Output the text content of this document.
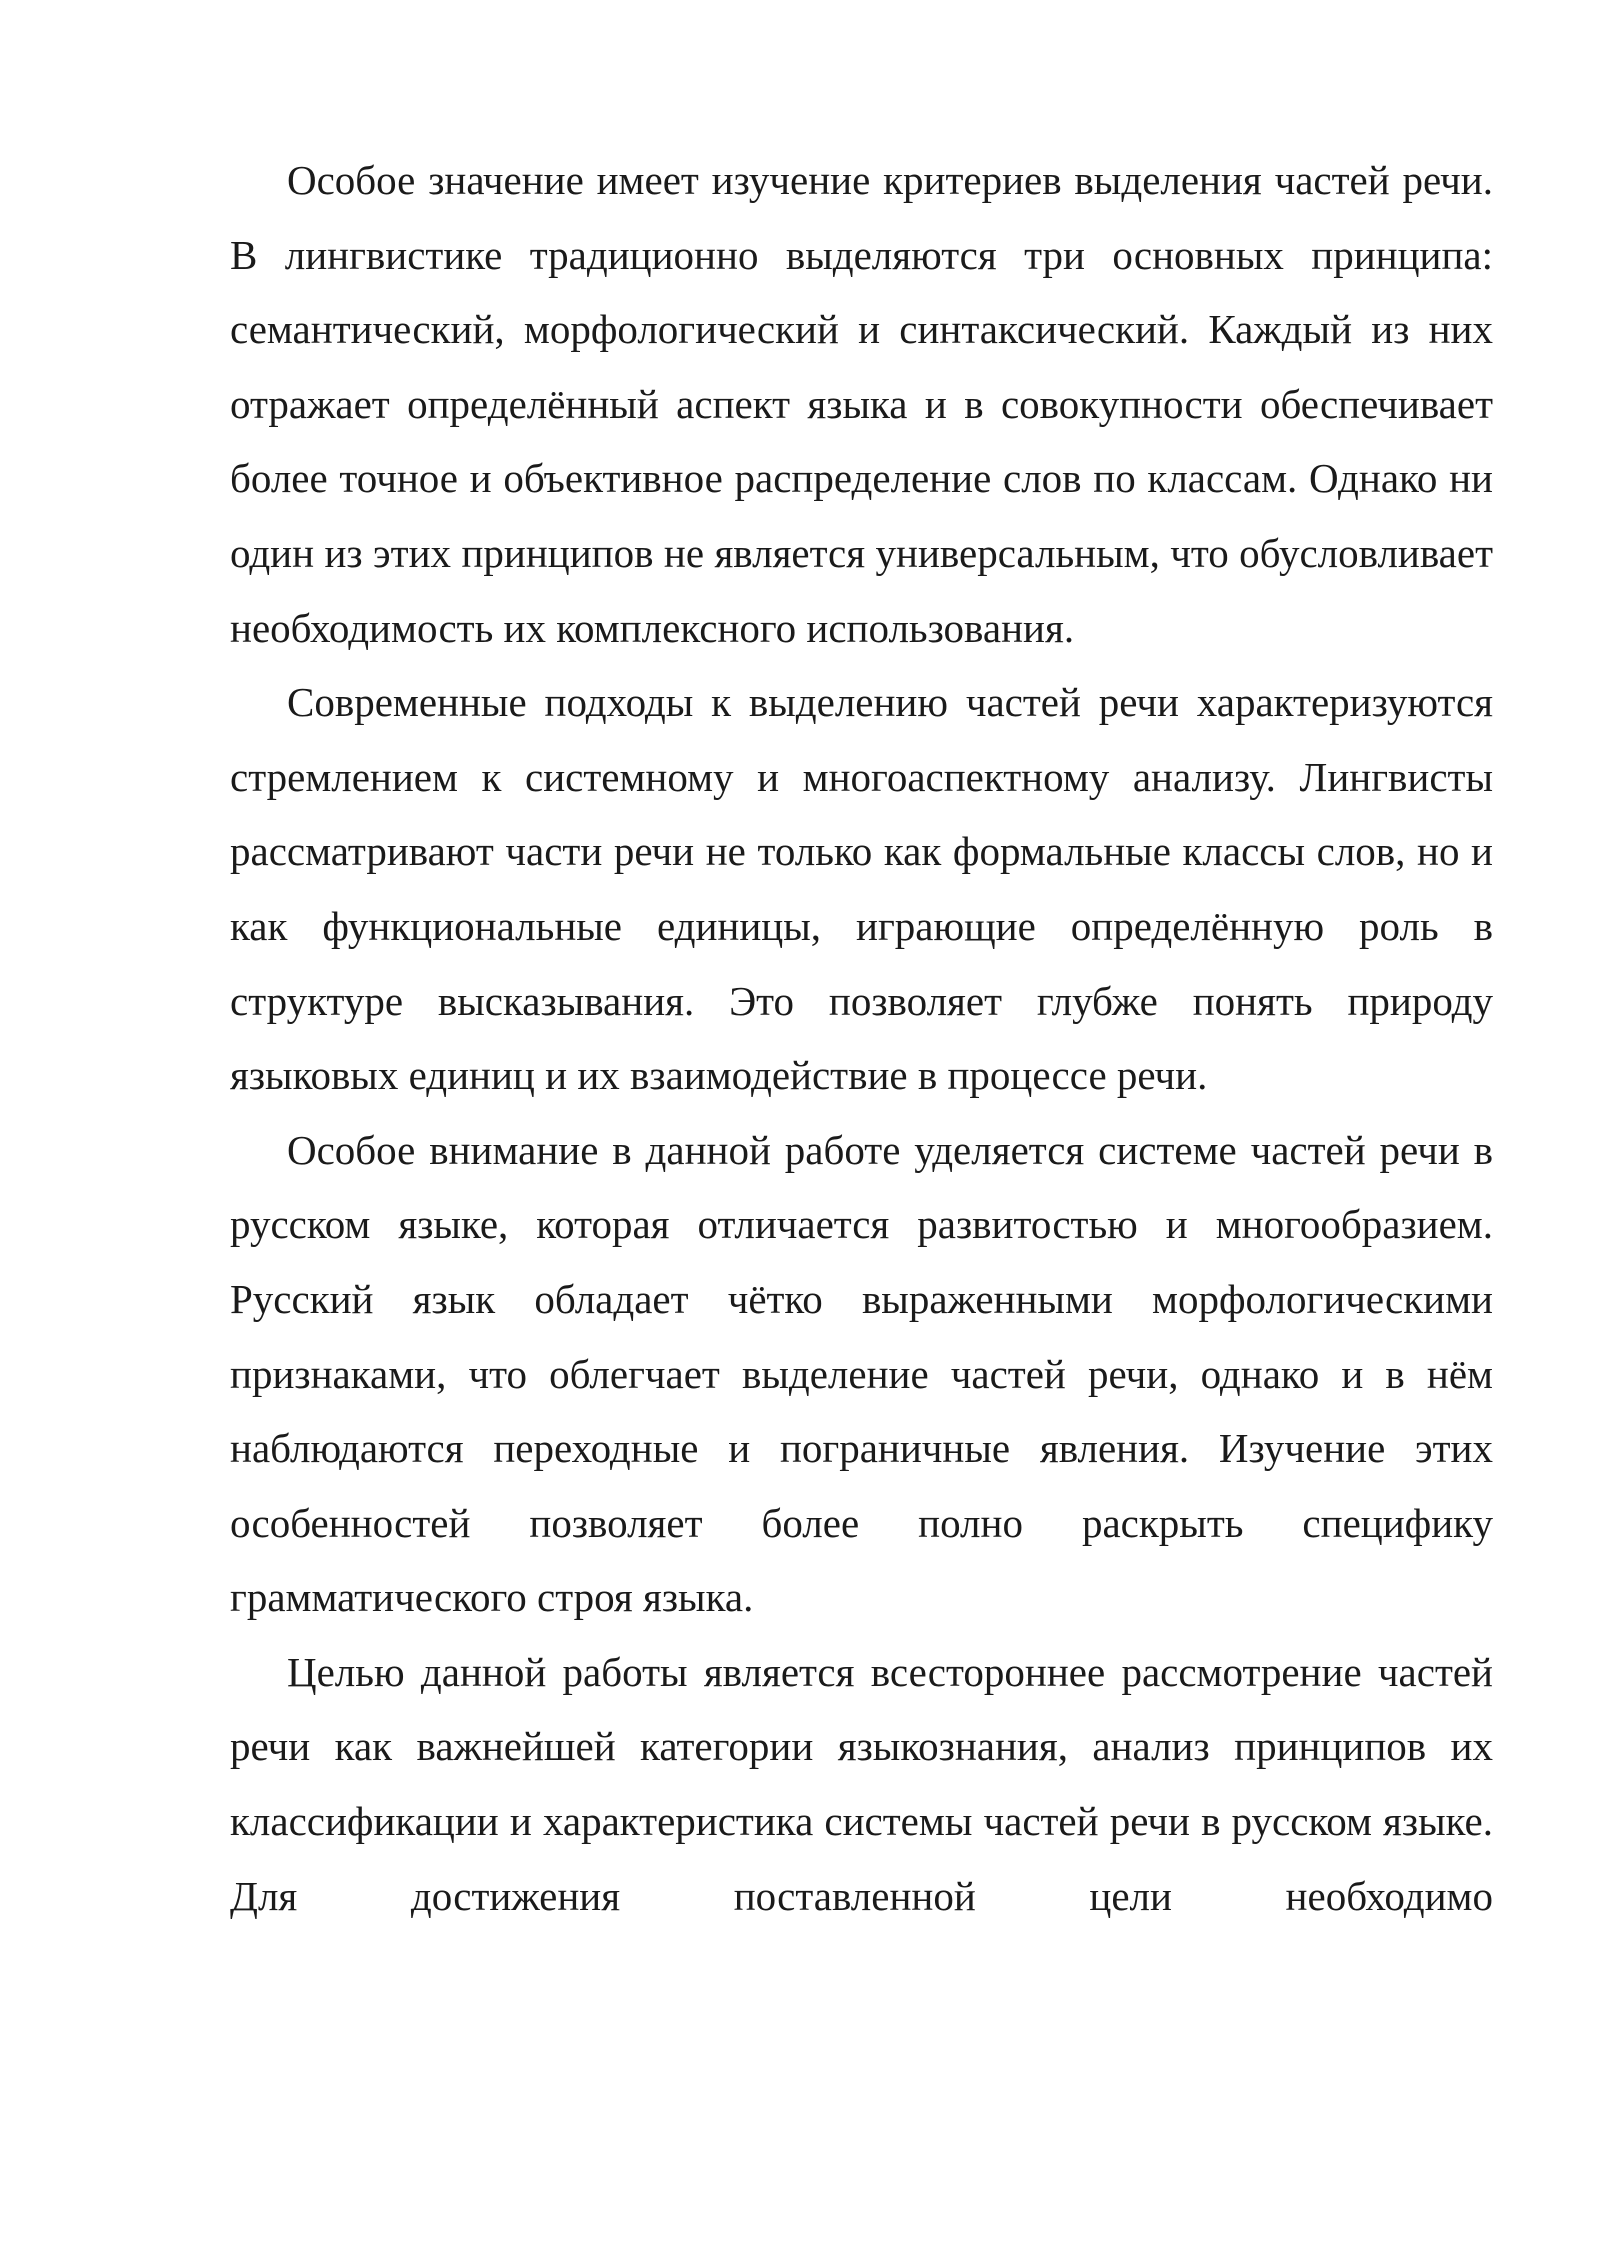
Особое значение имеет изучение критериев выделения частей речи. В лингвистике традиционно выделяются три основных принципа: семантический, морфологический и синтаксический. Каждый из них отражает определённый аспект языка и в совокупности обеспечивает более точное и объективное распределение слов по классам. Однако ни один из этих принципов не является универсальным, что обусловливает необходимость их комплексного использования.

Современные подходы к выделению частей речи характеризуются стремлением к системному и многоаспектному анализу. Лингвисты рассматривают части речи не только как формальные классы слов, но и как функциональные единицы, играющие определённую роль в структуре высказывания. Это позволяет глубже понять природу языковых единиц и их взаимодействие в процессе речи.

Особое внимание в данной работе уделяется системе частей речи в русском языке, которая отличается развитостью и многообразием. Русский язык обладает чётко выраженными морфологическими признаками, что облегчает выделение частей речи, однако и в нём наблюдаются переходные и пограничные явления. Изучение этих особенностей позволяет более полно раскрыть специфику грамматического строя языка.

Целью данной работы является всестороннее рассмотрение частей речи как важнейшей категории языкознания, анализ принципов их классификации и характеристика системы частей речи в русском языке. Для достижения поставленной цели необходимо
